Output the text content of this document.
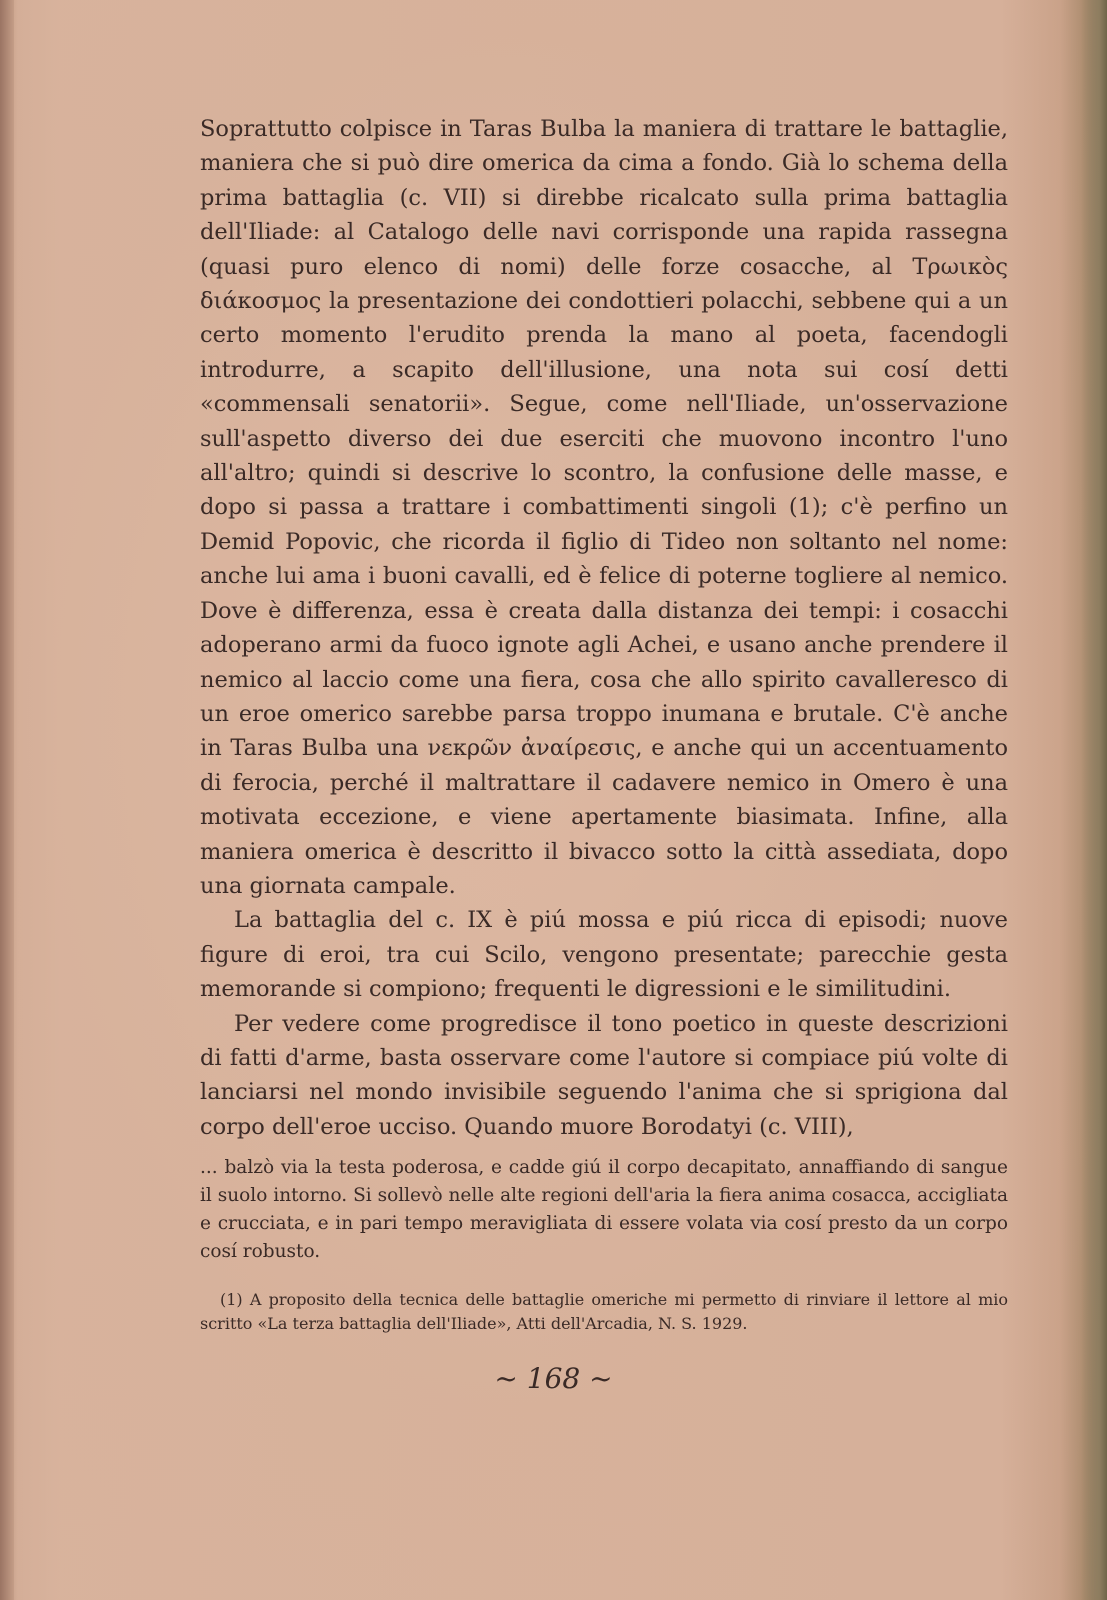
Soprattutto colpisce in Taras Bulba la maniera di trattare le battaglie, maniera che si può dire omerica da cima a fondo. Già lo schema della prima battaglia (c. VII) si direbbe ricalcato sulla prima battaglia dell'Iliade: al Catalogo delle navi corrisponde una rapida rassegna (quasi puro elenco di nomi) delle forze cosacche, al Τρωικὸς διάκοσμος la presentazione dei condottieri polacchi, sebbene qui a un certo momento l'erudito prenda la mano al poeta, facendogli introdurre, a scapito dell'illusione, una nota sui cosí detti «commensali senatorii». Segue, come nell'Iliade, un'osservazione sull'aspetto diverso dei due eserciti che muovono incontro l'uno all'altro; quindi si descrive lo scontro, la confusione delle masse, e dopo si passa a trattare i combattimenti singoli (1); c'è perfino un Demid Popovic, che ricorda il figlio di Tideo non soltanto nel nome: anche lui ama i buoni cavalli, ed è felice di poterne togliere al nemico. Dove è differenza, essa è creata dalla distanza dei tempi: i cosacchi adoperano armi da fuoco ignote agli Achei, e usano anche prendere il nemico al laccio come una fiera, cosa che allo spirito cavalleresco di un eroe omerico sarebbe parsa troppo inumana e brutale. C'è anche in Taras Bulba una νεκρῶν ἀναίρεσις, e anche qui un accentuamento di ferocia, perché il maltrattare il cadavere nemico in Omero è una motivata eccezione, e viene apertamente biasimata. Infine, alla maniera omerica è descritto il bivacco sotto la città assediata, dopo una giornata campale.

La battaglia del c. IX è piú mossa e piú ricca di episodi; nuove figure di eroi, tra cui Scilo, vengono presentate; parecchie gesta memorande si compiono; frequenti le digressioni e le similitudini.

Per vedere come progredisce il tono poetico in queste descrizioni di fatti d'arme, basta osservare come l'autore si compiace piú volte di lanciarsi nel mondo invisibile seguendo l'anima che si sprigiona dal corpo dell'eroe ucciso. Quando muore Borodatyi (c. VIII),

... balzò via la testa poderosa, e cadde giú il corpo decapitato, annaffiando di sangue il suolo intorno. Si sollevò nelle alte regioni dell'aria la fiera anima cosacca, accigliata e crucciata, e in pari tempo meravigliata di essere volata via cosí presto da un corpo cosí robusto.

(1) A proposito della tecnica delle battaglie omeriche mi permetto di rinviare il lettore al mio scritto «La terza battaglia dell'Iliade», Atti dell'Arcadia, N. S. 1929.

~ 168 ~
